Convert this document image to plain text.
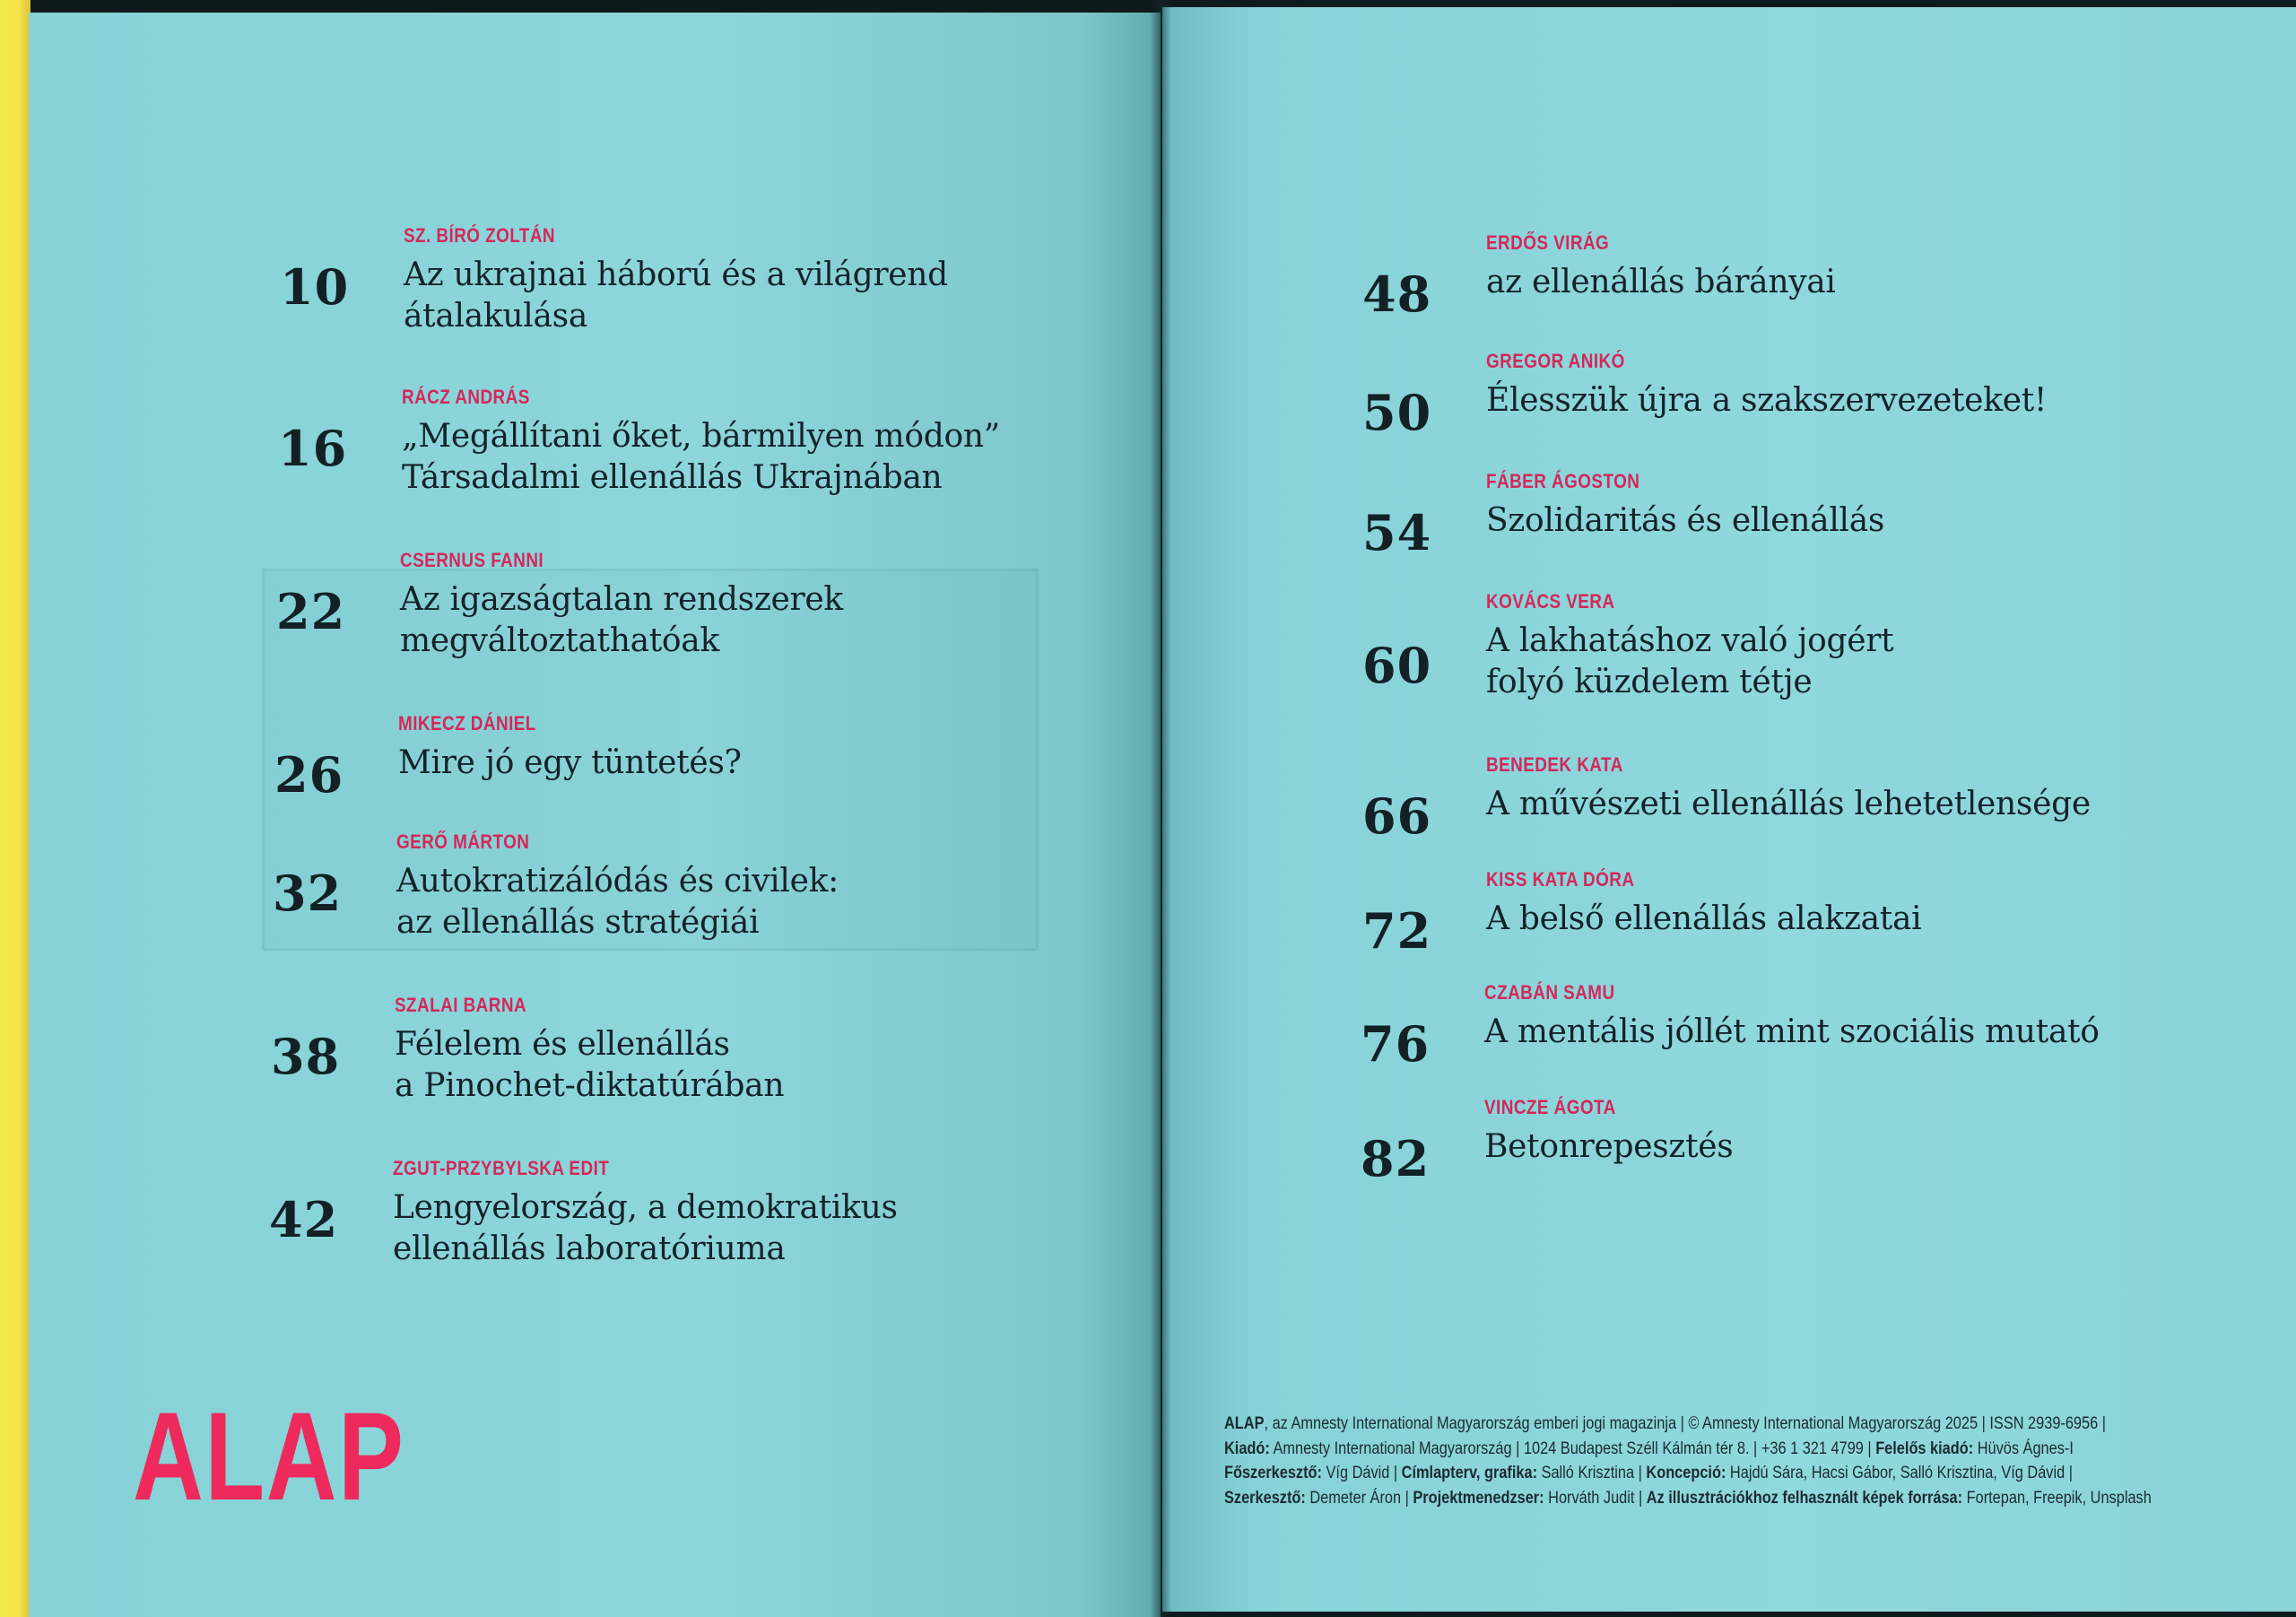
10
SZ. BÍRÓ ZOLTÁN
Az ukrajnai háború és a világrend
átalakulása
16
RÁCZ ANDRÁS
„Megállítani őket, bármilyen módon”
Társadalmi ellenállás Ukrajnában
22
CSERNUS FANNI
Az igazságtalan rendszerek
megváltoztathatóak
26
MIKECZ DÁNIEL
Mire jó egy tüntetés?
32
GERŐ MÁRTON
Autokratizálódás és civilek:
az ellenállás stratégiái
38
SZALAI BARNA
Félelem és ellenállás
a Pinochet-diktatúrában
42
ZGUT-PRZYBYLSKA EDIT
Lengyelország, a demokratikus
ellenállás laboratóriuma
48
ERDŐS VIRÁG
az ellenállás bárányai
50
GREGOR ANIKÓ
Élesszük újra a szakszervezeteket!
54
FÁBER ÁGOSTON
Szolidaritás és ellenállás
60
KOVÁCS VERA
A lakhatáshoz való jogért
folyó küzdelem tétje
66
BENEDEK KATA
A művészeti ellenállás lehetetlensége
72
KISS KATA DÓRA
A belső ellenállás alakzatai
76
CZABÁN SAMU
A mentális jóllét mint szociális mutató
82
VINCZE ÁGOTA
Betonrepesztés
ALAP	ALAP, az Amnesty International Magyarország emberi jogi magazinja | © Amnesty International Magyarország 2025 | ISSN 2939-6956 |
Kiadó: Amnesty International Magyarország | 1024 Budapest Széll Kálmán tér 8. | +36 1 321 4799 | Felelős kiadó: Hüvös Ágnes-I
Főszerkesztő: Víg Dávid | Címlapterv, grafika: Salló Krisztina | Koncepció: Hajdú Sára, Hacsi Gábor, Salló Krisztina, Víg Dávid |
Szerkesztő: Demeter Áron | Projektmenedzser: Horváth Judit | Az illusztrációkhoz felhasznált képek forrása: Fortepan, Freepik, Unsplash
